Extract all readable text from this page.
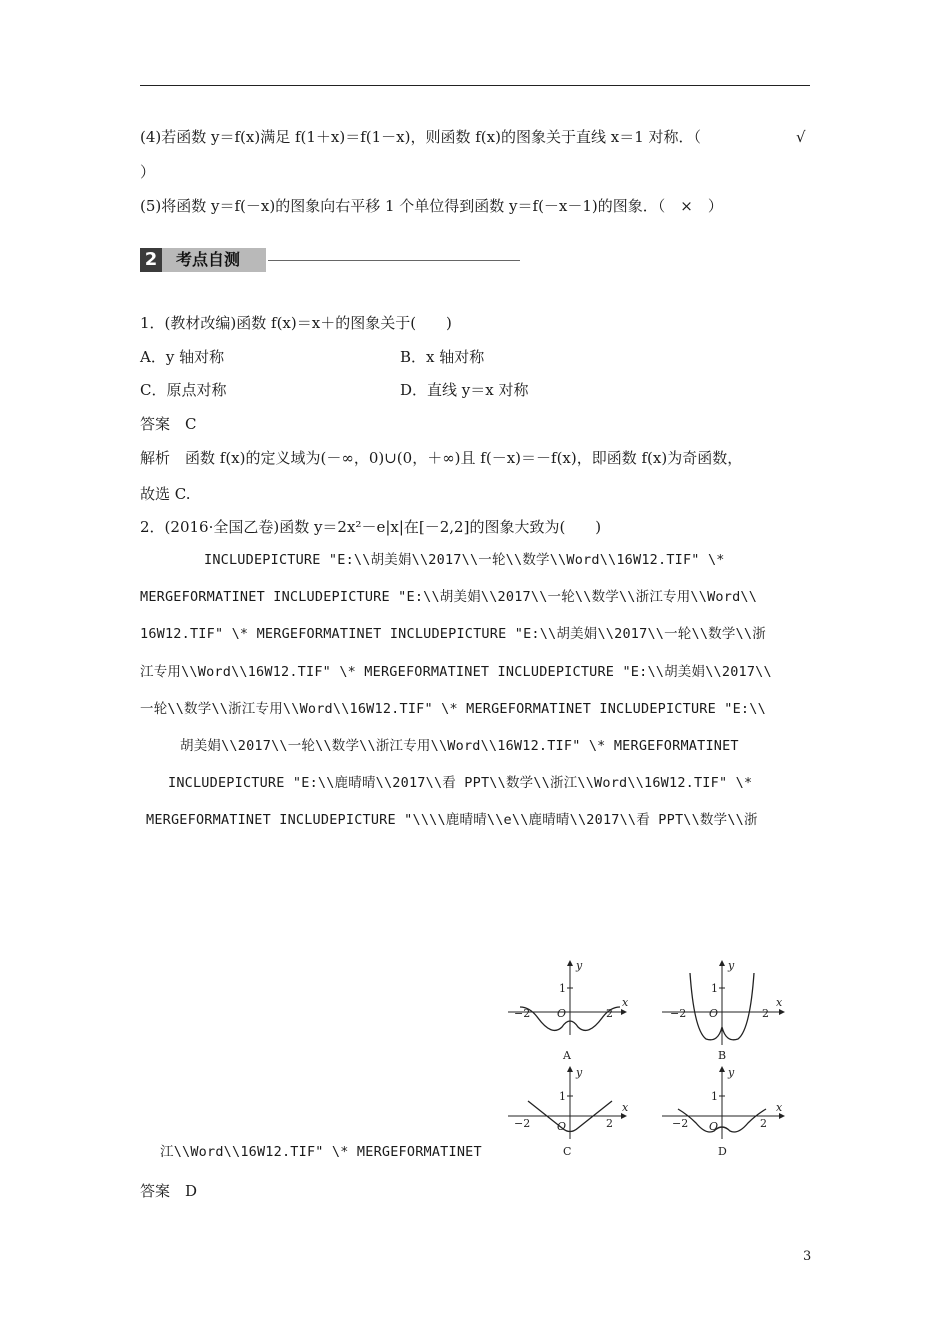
(4)若函数 y＝f(x)满足 f(1＋x)＝f(1－x)，则函数 f(x)的图象关于直线 x＝1 对称．（	√
）
(5)将函数 y＝f(－x)的图象向右平移 1 个单位得到函数 y＝f(－x－1)的图象．（　×　）
2	考点自测
1．(教材改编)函数 f(x)＝x＋的图象关于(　　)
A．y 轴对称	B．x 轴对称
C．原点对称	D．直线 y＝x 对称
答案　C
解析　函数 f(x)的定义域为(－∞，0)∪(0，＋∞)且 f(－x)＝－f(x)，即函数 f(x)为奇函数，
故选 C.
2．(2016·全国乙卷)函数 y＝2x²－e|x|在[－2,2]的图象大致为(　　)
INCLUDEPICTURE "E:\\胡美娟\\2017\\一轮\\数学\\Word\\16W12.TIF" \*
MERGEFORMATINET INCLUDEPICTURE "E:\\胡美娟\\2017\\一轮\\数学\\浙江专用\\Word\\
16W12.TIF" \* MERGEFORMATINET INCLUDEPICTURE "E:\\胡美娟\\2017\\一轮\\数学\\浙
江专用\\Word\\16W12.TIF" \* MERGEFORMATINET INCLUDEPICTURE "E:\\胡美娟\\2017\\
一轮\\数学\\浙江专用\\Word\\16W12.TIF" \* MERGEFORMATINET INCLUDEPICTURE "E:\\
胡美娟\\2017\\一轮\\数学\\浙江专用\\Word\\16W12.TIF" \* MERGEFORMATINET
INCLUDEPICTURE "E:\\鹿晴晴\\2017\\看 PPT\\数学\\浙江\\Word\\16W12.TIF" \*
MERGEFORMATINET INCLUDEPICTURE "\\\\鹿晴晴\\e\\鹿晴晴\\2017\\看 PPT\\数学\\浙
江\\Word\\16W12.TIF" \* MERGEFORMATINET
y
x
1
O
−2	2
A
y
x
1
O
−2	2
B
y
x
1
O
−2	2
C
y
x
1
O
−2	2
D
答案　D
3
